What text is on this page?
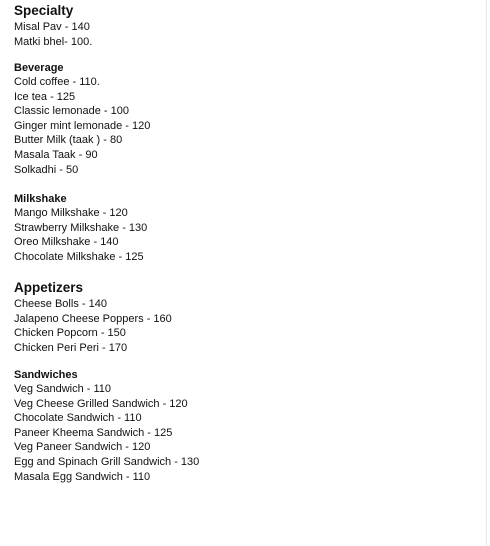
Specialty
Misal Pav - 140
Matki bhel- 100.
Beverage
Cold coffee - 110.
Ice tea - 125
Classic lemonade - 100
Ginger mint lemonade - 120
Butter Milk (taak ) - 80
Masala Taak - 90
Solkadhi - 50
Milkshake
Mango Milkshake - 120
Strawberry Milkshake - 130
Oreo Milkshake - 140
Chocolate Milkshake - 125
Appetizers
Cheese Bolls - 140
Jalapeno Cheese Poppers - 160
Chicken Popcorn - 150
Chicken Peri Peri - 170
Sandwiches
Veg Sandwich - 110
Veg Cheese Grilled Sandwich - 120
Chocolate Sandwich - 110
Paneer Kheema Sandwich - 125
Veg Paneer Sandwich - 120
Egg and Spinach Grill Sandwich - 130
Masala Egg Sandwich - 110
